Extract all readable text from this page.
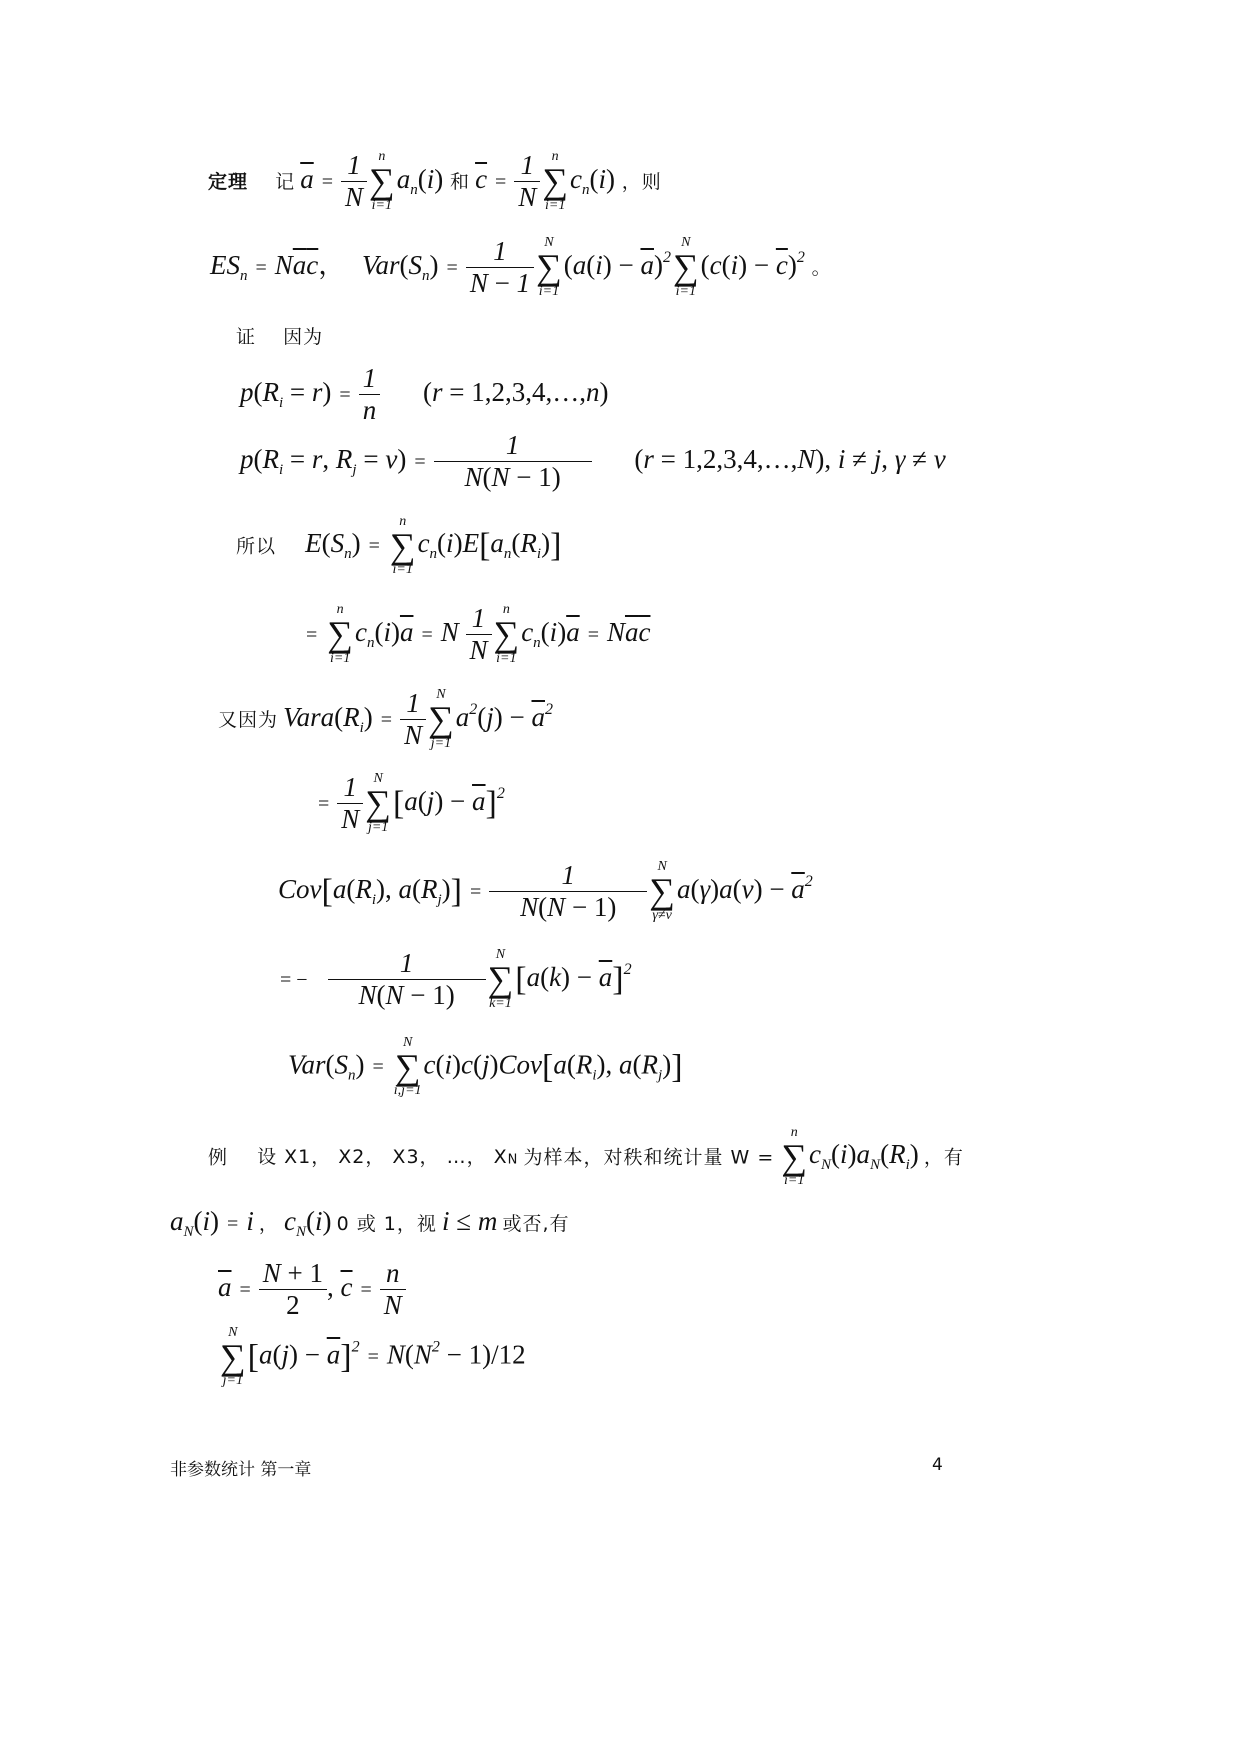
定理 记 $\overline{a} = \frac{1}{N}$ n
∑
i=1
$a_n(i)$ 和 $\overline{c} = \frac{1}{N}$ n
∑
i=1
$c_n(i)$ ，则
$ES_n = N\overline{a}\overline{c}$， $Var(S_n) = \frac{1}{N - 1}$ N
∑
i=1
$(a(i) - \overline{a})^2$
N
∑
i=1
$(c(i) - \overline{c})^2$ 。
证 因为
$p(R_i = r) = \frac{1}{n} (r$ = 1,2,3,4,…,n)
$p(R_i = r$, $R_j = \nu) = \frac{1}{N(N - 1)} (r$ = 1,2,3,4,…,N), i ≠ j, γ ≠ ν
所以 $E(S_n)$ =
n
∑
i=1
$c_n(i)E[a_n(R_i)]$
=
n
∑
i=1
$c_n(i)\overline{a} = N \frac{1}{N}$ n
∑
i=1
$c_n(i)\overline{a} = N\overline{a}\overline{c}$
又因为 $Vara(R_i) = \frac{1}{N}$ N
∑
j=1
$a^2(j) - \overline{a}^2$
= $\frac{1}{N}$ N
∑
j=1
$[a(j) - \overline{a}]^2$
$Cov[a(R_i)$, $a(R_j)] = \frac{1}{N(N - 1)}$ N
∑
γ≠ν
$a(\gamma)a(\nu) - \overline{a}^2$
= − $\frac{1}{N(N - 1)}$ N
∑
k=1
$[a(k) - \overline{a}]^2$
$Var(S_n)$ =
N
∑
i,j=1
$c(i)c(j)Cov[a(R_i)$, $a(R_j)$]
例 设 X1， X2， X3， …， XN 为样本，对秩和统计量 W =
n
∑
i=1
$c_N(i)a_N(R_i)$ ，有
$a_N(i) = i$ ， $c_N(i)$ 0 或 1，视 i ≤ m 或否,有
$\overline{a} = \frac{N + 1}{2}$ , $\overline{c} = \frac{n}{N}$
N
∑
j=1
$[a(j) - \overline{a}]^2 = N(N^2 - 1)/12$
非参数统计 第一章	4
